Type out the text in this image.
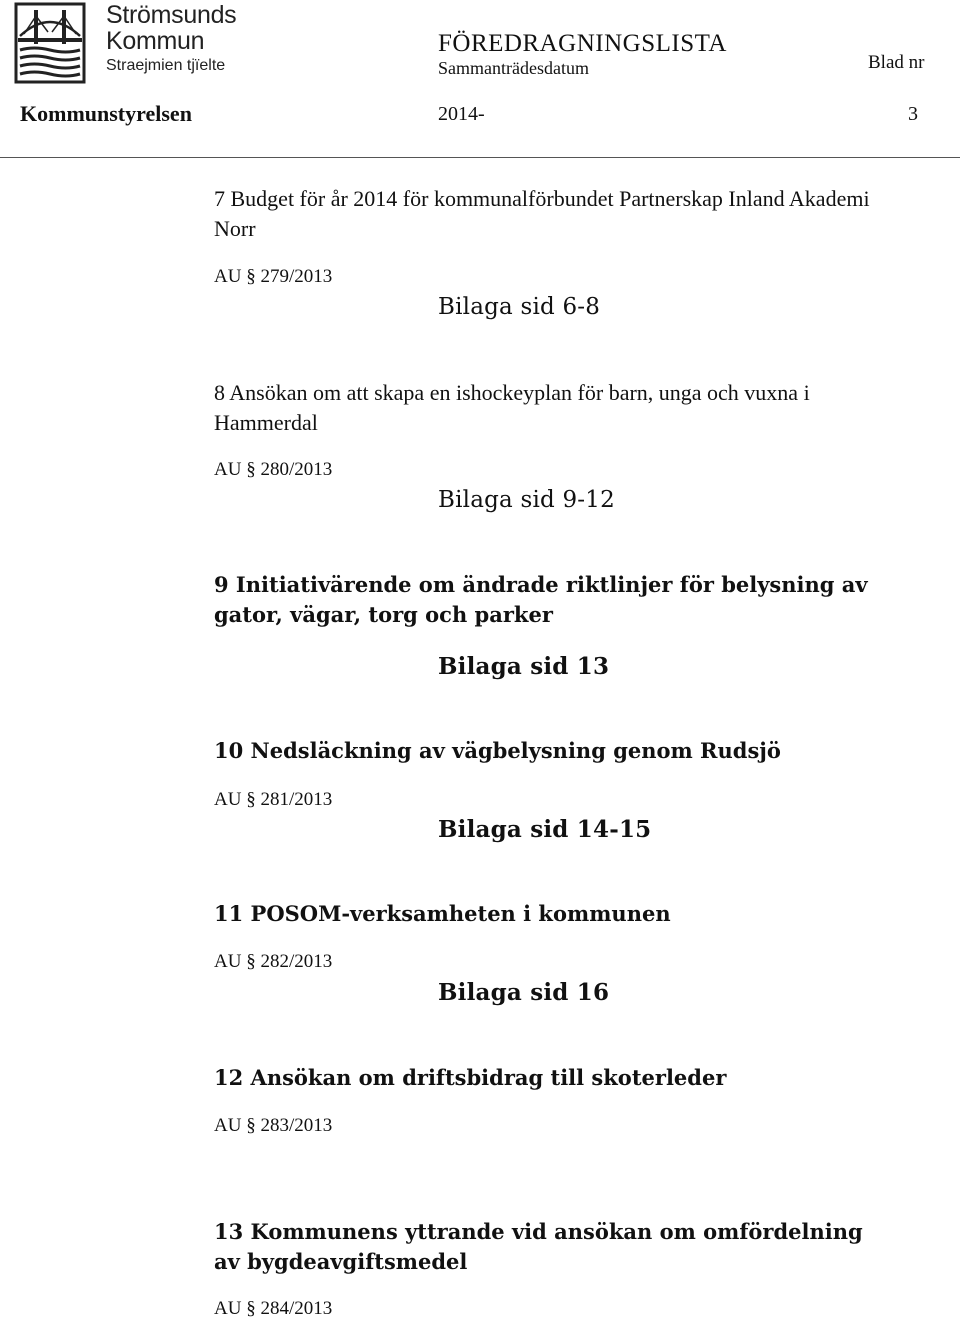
Strömsunds
Kommun
Straejmien tjïelte
FÖREDRAGNINGSLISTA
Sammanträdesdatum	Blad nr
Kommunstyrelsen	2014-	3
7 Budget för år 2014 för kommunalförbundet Partnerskap Inland Akademi Norr
AU § 279/2013
Bilaga sid 6-8
8 Ansökan om att skapa en ishockeyplan för barn, unga och vuxna i Hammerdal
AU § 280/2013
Bilaga sid 9-12
9 Initiativärende om ändrade riktlinjer för belysning av gator, vägar, torg och parker
Bilaga sid 13
10 Nedsläckning av vägbelysning genom Rudsjö
AU § 281/2013
Bilaga sid 14-15
11 POSOM-verksamheten i kommunen
AU § 282/2013
Bilaga sid 16
12 Ansökan om driftsbidrag till skoterleder
AU § 283/2013
13 Kommunens yttrande vid ansökan om omfördelning av bygdeavgiftsmedel
AU § 284/2013
